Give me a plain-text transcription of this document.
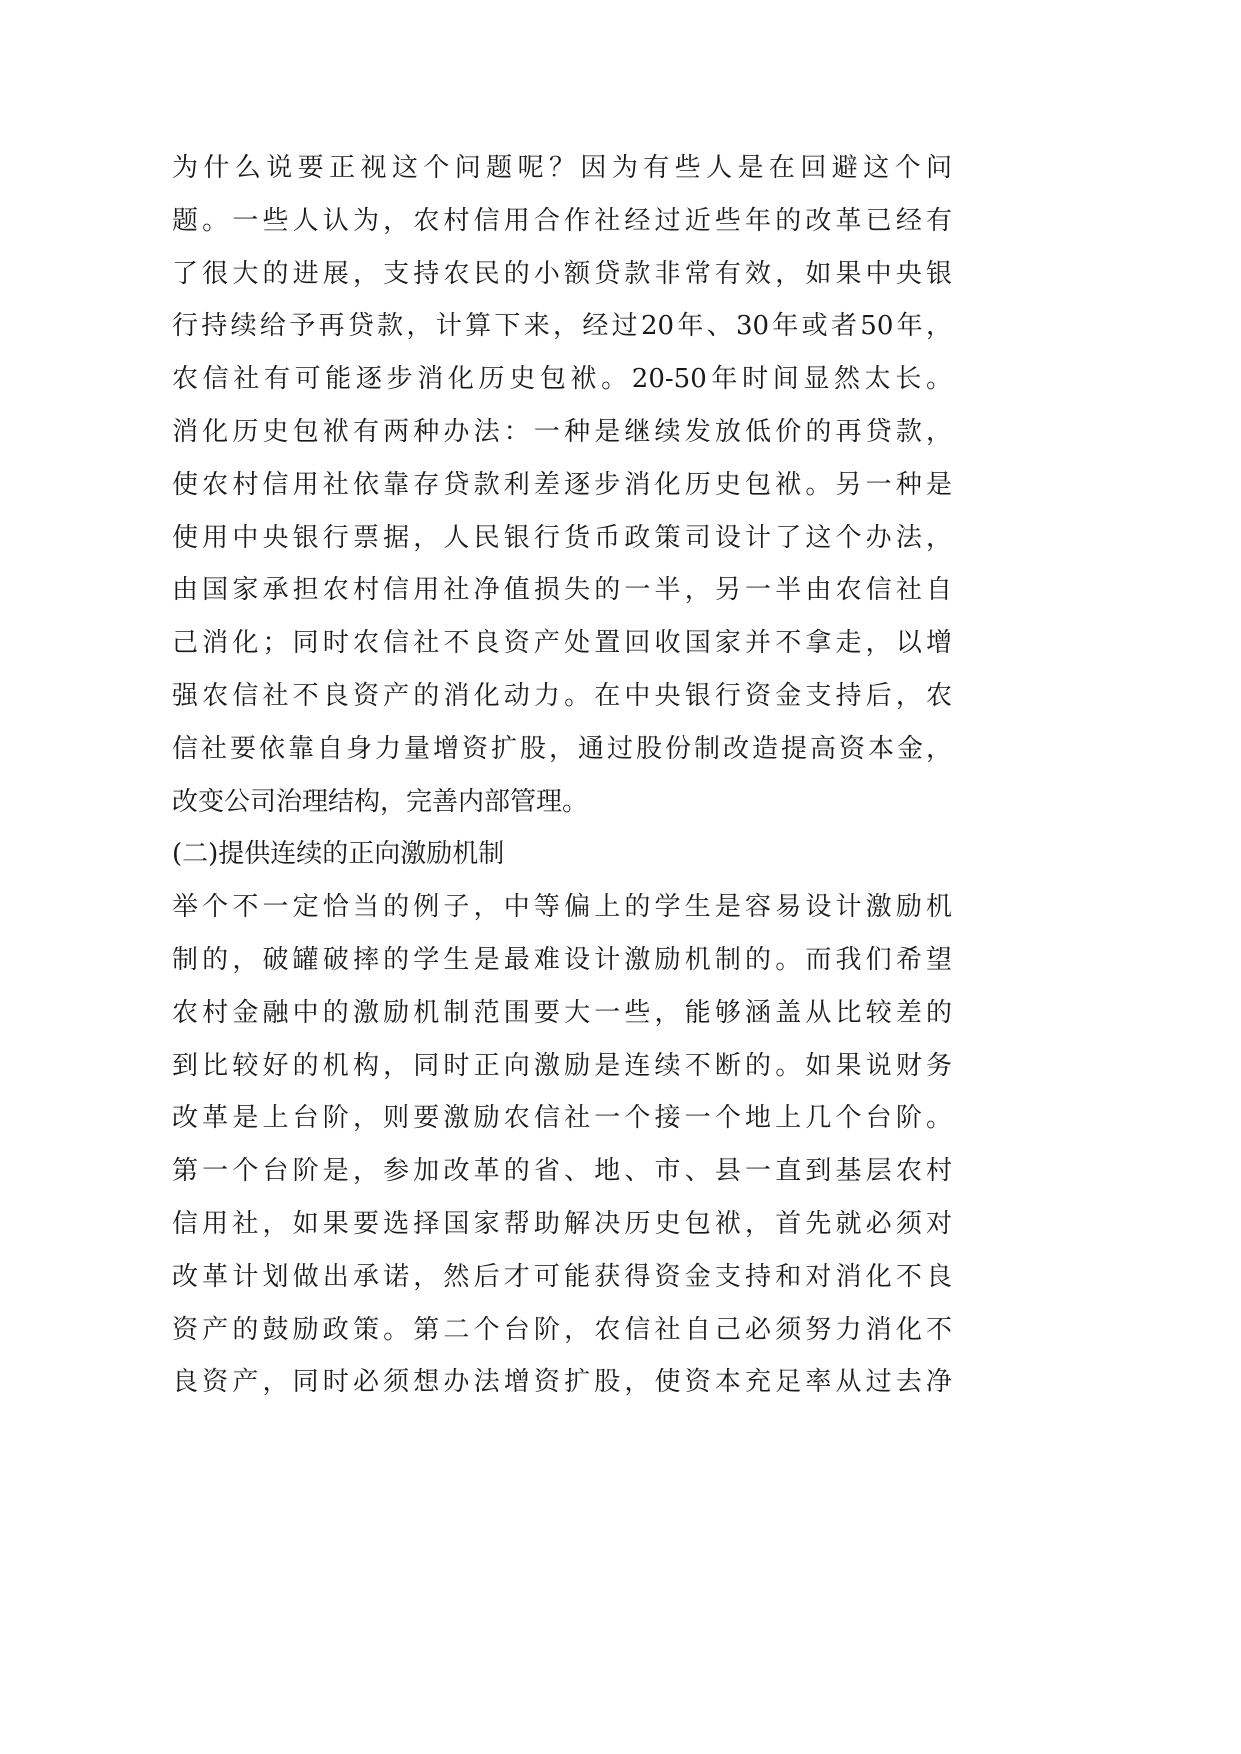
为什么说要正视这个问题呢？因为有些人是在回避这个问
题。一些人认为，农村信用合作社经过近些年的改革已经有
了很大的进展，支持农民的小额贷款非常有效，如果中央银
行持续给予再贷款，计算下来，经过20年、30年或者50年，
农信社有可能逐步消化历史包袱。20-50年时间显然太长。
消化历史包袱有两种办法：一种是继续发放低价的再贷款，
使农村信用社依靠存贷款利差逐步消化历史包袱。另一种是
使用中央银行票据，人民银行货币政策司设计了这个办法，
由国家承担农村信用社净值损失的一半，另一半由农信社自
己消化；同时农信社不良资产处置回收国家并不拿走，以增
强农信社不良资产的消化动力。在中央银行资金支持后，农
信社要依靠自身力量增资扩股，通过股份制改造提高资本金，
改变公司治理结构，完善内部管理。
(二)提供连续的正向激励机制
举个不一定恰当的例子，中等偏上的学生是容易设计激励机
制的，破罐破摔的学生是最难设计激励机制的。而我们希望
农村金融中的激励机制范围要大一些，能够涵盖从比较差的
到比较好的机构，同时正向激励是连续不断的。如果说财务
改革是上台阶，则要激励农信社一个接一个地上几个台阶。
第一个台阶是，参加改革的省、地、市、县一直到基层农村
信用社，如果要选择国家帮助解决历史包袱，首先就必须对
改革计划做出承诺，然后才可能获得资金支持和对消化不良
资产的鼓励政策。第二个台阶，农信社自己必须努力消化不
良资产，同时必须想办法增资扩股，使资本充足率从过去净
